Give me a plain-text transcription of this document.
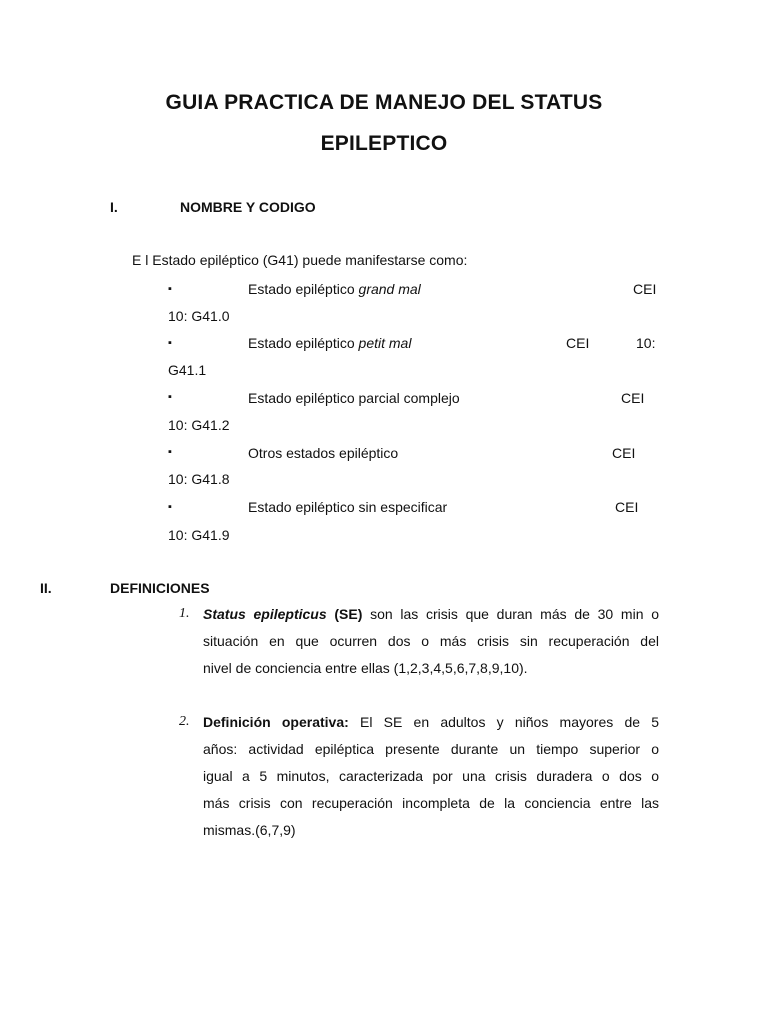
GUIA PRACTICA DE MANEJO DEL STATUS
EPILEPTICO
I.	NOMBRE Y CODIGO
E l Estado epiléptico (G41) puede manifestarse como:
▪	Estado epiléptico grand mal	CEI
10: G41.0
▪	Estado epiléptico petit mal	CEI	10:
G41.1
▪	Estado epiléptico parcial complejo	CEI
10: G41.2
▪	Otros estados epiléptico	CEI
10: G41.8
▪	Estado epiléptico sin especificar	CEI
10: G41.9
II.	DEFINICIONES
1. Status epilepticus (SE) son las crisis que duran más de 30 min o
situación en que ocurren dos o más crisis sin recuperación del
nivel de conciencia entre ellas (1,2,3,4,5,6,7,8,9,10).
2. Definición operativa: El SE en adultos y niños mayores de 5
años: actividad epiléptica presente durante un tiempo superior o
igual a 5 minutos, caracterizada por una crisis duradera o dos o
más crisis con recuperación incompleta de la conciencia entre las
mismas.(6,7,9)
